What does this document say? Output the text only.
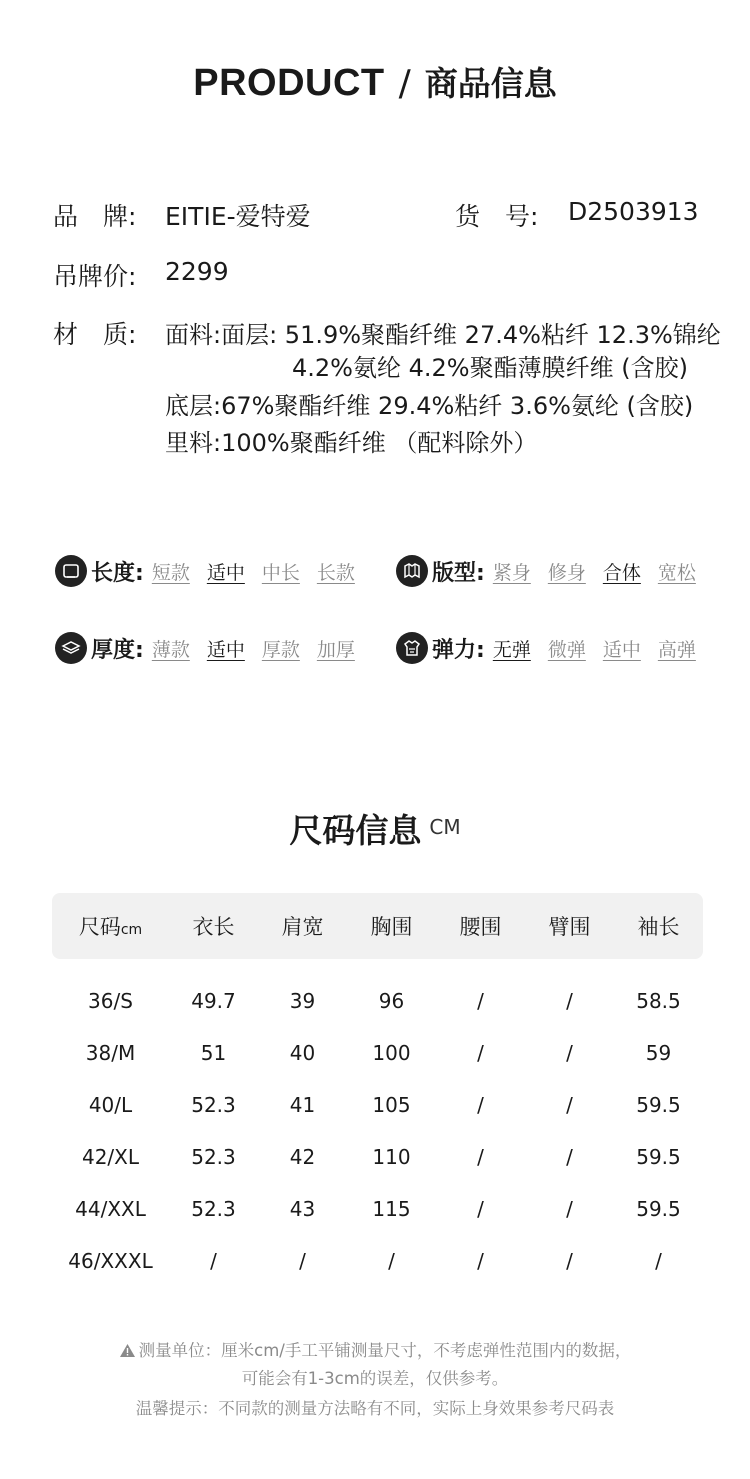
PRODUCT / 商品信息
品　牌: EITIE-爱特爱	货　号: D2503913
吊牌价: 2299
材　质: 面料:面层: 51.9%聚酯纤维 27.4%粘纤 12.3%锦纶
4.2%氨纶 4.2%聚酯薄膜纤维 (含胶)
底层:67%聚酯纤维 29.4%粘纤 3.6%氨纶 (含胶)
里料:100%聚酯纤维 （配料除外）
长度: 短款 适中 中长 长款	版型: 紧身 修身 合体 宽松
厚度: 薄款 适中 厚款 加厚	弹力: 无弹 微弹 适中 高弹
尺码信息 CM
尺码cm	衣长	肩宽	胸围	腰围	臂围	袖长
36/S	49.7	39	96	/	/	58.5
38/M	51	40	100	/	/	59
40/L	52.3	41	105	/	/	59.5
42/XL	52.3	42	110	/	/	59.5
44/XXL	52.3	43	115	/	/	59.5
46/XXXL	/	/	/	/	/	/
测量单位：厘米cm/手工平铺测量尺寸，不考虑弹性范围内的数据，
可能会有1-3cm的误差，仅供参考。
温馨提示：不同款的测量方法略有不同，实际上身效果参考尺码表
